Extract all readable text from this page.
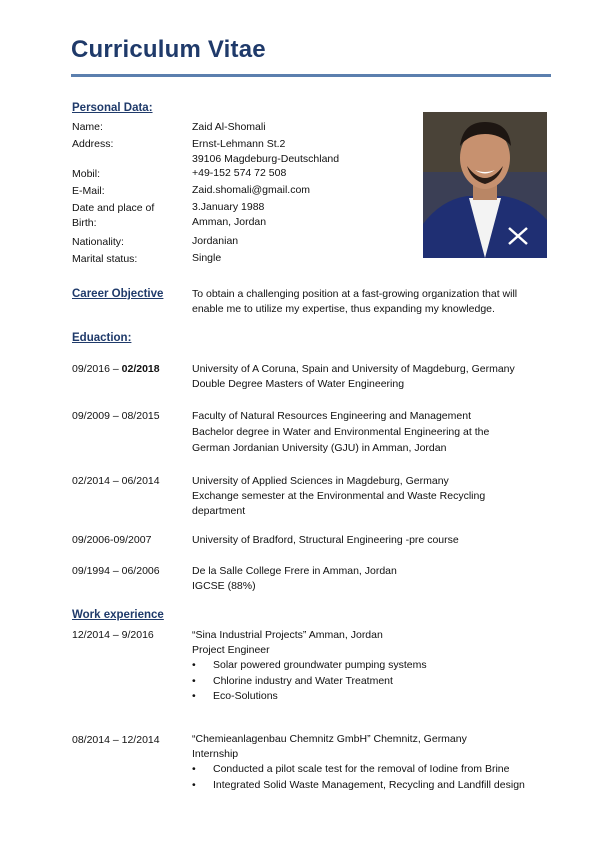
Curriculum Vitae
Personal Data:
Name:	Zaid Al-Shomali
Address:	Ernst-Lehmann St.2
39106 Magdeburg-Deutschland
Mobil:	+49-152 574 72 508
E-Mail:	Zaid.shomali@gmail.com
Date and place of
Birth:
3.January 1988
Amman, Jordan
Nationality:	Jordanian
Marital status:	Single
Career Objective	To obtain a challenging position at a fast-growing organization that will
enable me to utilize my expertise, thus expanding my knowledge.
Eduaction:
09/2016 – 02/2018	University of A Coruna, Spain and University of Magdeburg, Germany
Double Degree Masters of Water Engineering
09/2009 – 08/2015	Faculty of Natural Resources Engineering and Management
Bachelor degree in Water and Environmental Engineering at the
German Jordanian University (GJU) in Amman, Jordan
02/2014 – 06/2014	University of Applied Sciences in Magdeburg, Germany
Exchange semester at the Environmental and Waste Recycling
department
09/2006-09/2007	University of Bradford, Structural Engineering -pre course
09/1994 – 06/2006	De la Salle College Frere in Amman, Jordan
IGCSE (88%)
Work experience
12/2014 – 9/2016	“Sina Industrial Projects” Amman, Jordan
Project Engineer
• Solar powered groundwater pumping systems
• Chlorine industry and Water Treatment
• Eco-Solutions
08/2014 – 12/2014	“Chemieanlagenbau Chemnitz GmbH” Chemnitz, Germany
Internship
• Conducted a pilot scale test for the removal of Iodine from Brine
• Integrated Solid Waste Management, Recycling and Landfill design
